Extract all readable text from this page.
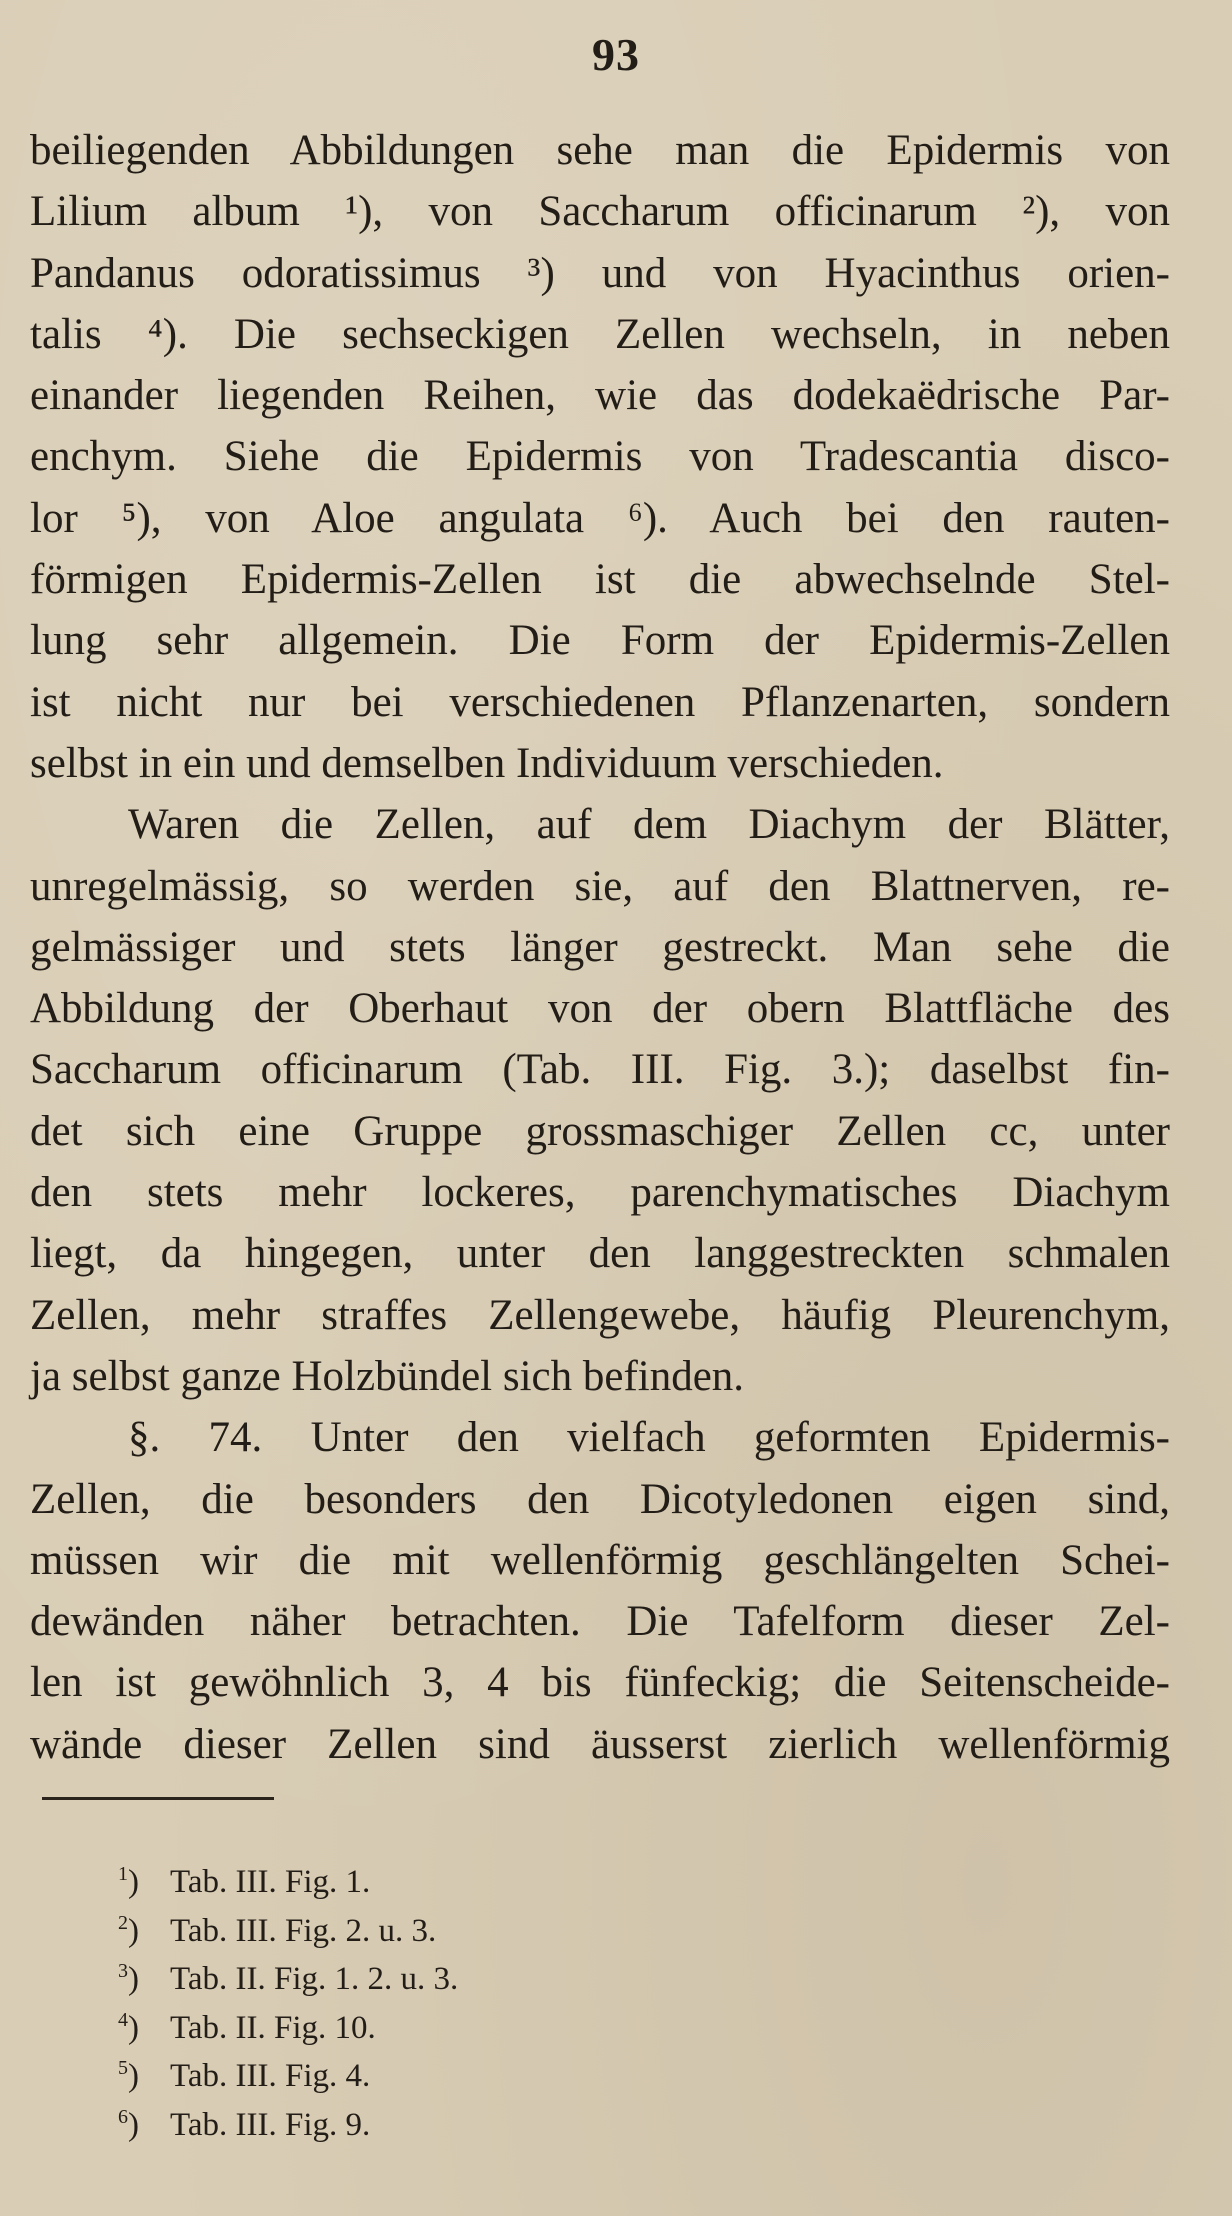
93
beiliegenden Abbildungen sehe man die Epidermis von
Lilium album ¹), von Saccharum officinarum ²), von
Pandanus odoratissimus ³) und von Hyacinthus orien-
talis ⁴). Die sechseckigen Zellen wechseln, in neben
einander liegenden Reihen, wie das dodekaëdrische Par-
enchym. Siehe die Epidermis von Tradescantia disco-
lor ⁵), von Aloe angulata ⁶). Auch bei den rauten-
förmigen Epidermis-Zellen ist die abwechselnde Stel-
lung sehr allgemein. Die Form der Epidermis-Zellen
ist nicht nur bei verschiedenen Pflanzenarten, sondern
selbst in ein und demselben Individuum verschieden.
Waren die Zellen, auf dem Diachym der Blätter,
unregelmässig, so werden sie, auf den Blattnerven, re-
gelmässiger und stets länger gestreckt. Man sehe die
Abbildung der Oberhaut von der obern Blattfläche des
Saccharum officinarum (Tab. III. Fig. 3.); daselbst fin-
det sich eine Gruppe grossmaschiger Zellen cc, unter
den stets mehr lockeres, parenchymatisches Diachym
liegt, da hingegen, unter den langgestreckten schmalen
Zellen, mehr straffes Zellengewebe, häufig Pleurenchym,
ja selbst ganze Holzbündel sich befinden.
§. 74. Unter den vielfach geformten Epidermis-
Zellen, die besonders den Dicotyledonen eigen sind,
müssen wir die mit wellenförmig geschlängelten Schei-
dewänden näher betrachten. Die Tafelform dieser Zel-
len ist gewöhnlich 3, 4 bis fünfeckig; die Seitenscheide-
wände dieser Zellen sind äusserst zierlich wellenförmig
$^1$) Tab. III. Fig. 1.
$^2$) Tab. III. Fig. 2. u. 3.
$^3$) Tab. II. Fig. 1. 2. u. 3.
$^4$) Tab. II. Fig. 10.
$^5$) Tab. III. Fig. 4.
$^6$) Tab. III. Fig. 9.
